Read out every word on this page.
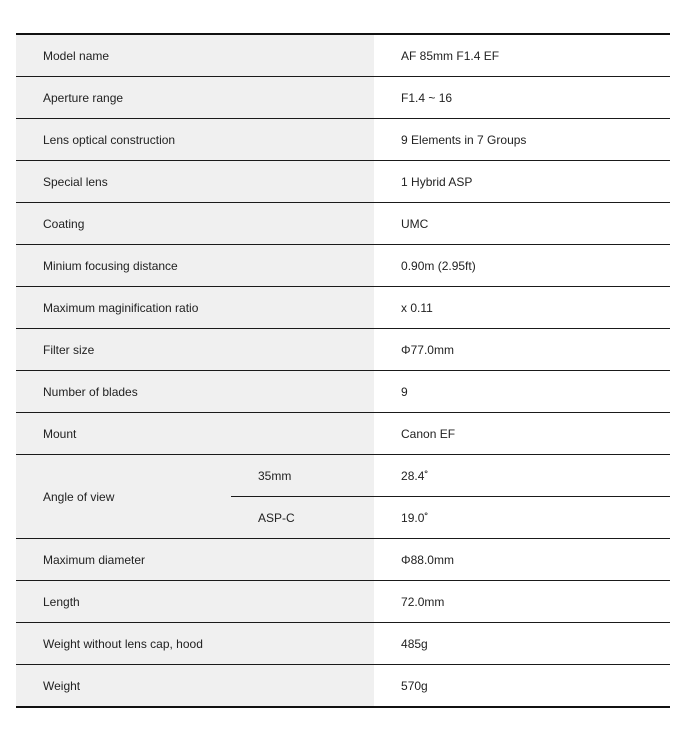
Model name		AF 85mm F1.4 EF
Aperture range		F1.4 ~ 16
Lens optical construction		9 Elements in 7 Groups
Special lens		1 Hybrid ASP
Coating		UMC
Minium focusing distance		0.90m (2.95ft)
Maximum maginification ratio		x 0.11
Filter size		Φ77.0mm
Number of blades		9
Mount		Canon EF
Angle of view	35mm	28.4˚
	ASP-C	19.0˚
Maximum diameter		Φ88.0mm
Length		72.0mm
Weight without lens cap, hood		485g
Weight		570g
